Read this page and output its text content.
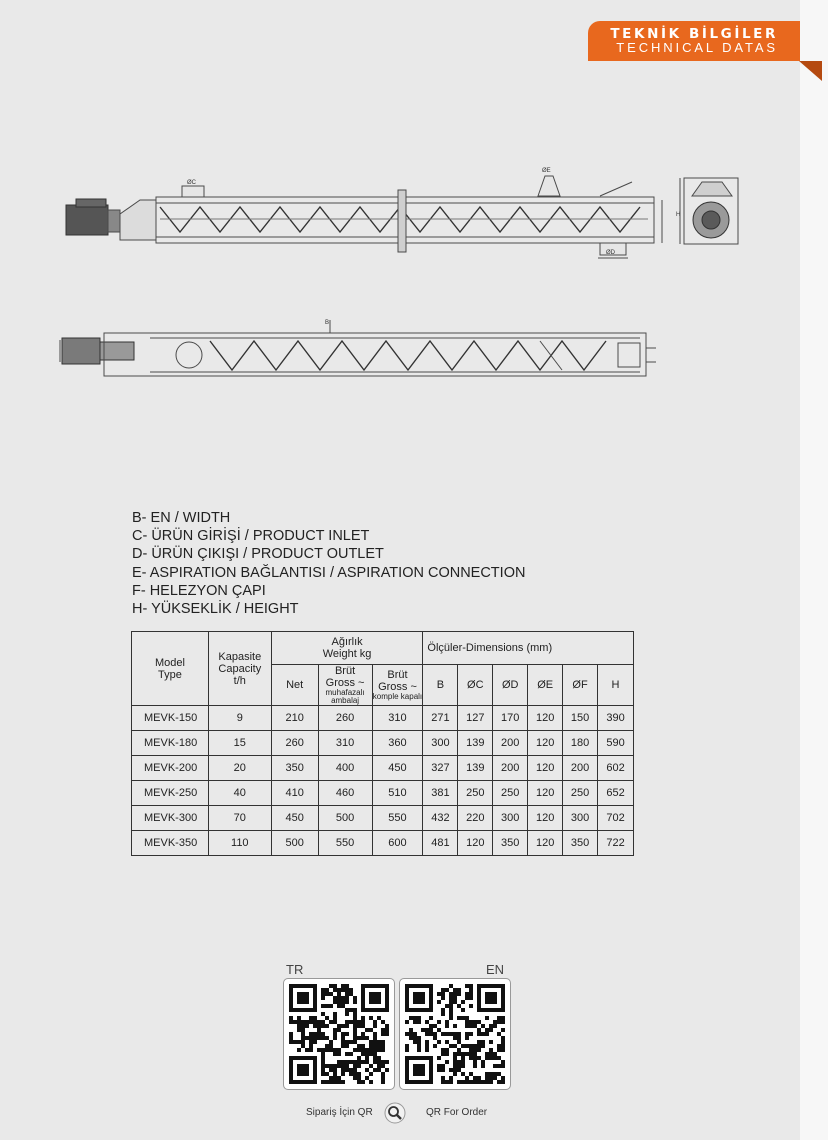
TEKNİK BİLGİLER
TECHNICAL DATAS
ØC
ØD
ØE
H
B
B- EN / WIDTH
C- ÜRÜN GİRİŞİ / PRODUCT INLET
D- ÜRÜN ÇIKIŞI / PRODUCT OUTLET
E- ASPIRATION BAĞLANTISI / ASPIRATION CONNECTION
F- HELEZYON ÇAPI
H- YÜKSEKLİK / HEIGHT
Model
Type	Kapasite
Capacity
t/h	Ağırlık
Weight kg			Ölçüler-Dimensions (mm)					
		Net	Brüt
Gross ~
muhafazalı ambalaj	Brüt
Gross ~
komple kapalı	B	ØC	ØD	ØE	ØF	H
MEVK-150	9	210	260	310	271	127	170	120	150	390
MEVK-180	15	260	310	360	300	139	200	120	180	590
MEVK-200	20	350	400	450	327	139	200	120	200	602
MEVK-250	40	410	460	510	381	250	250	120	250	652
MEVK-300	70	450	500	550	432	220	300	120	300	702
MEVK-350	110	500	550	600	481	120	350	120	350	722
TR	EN
Sipariş İçin QR	QR For Order
